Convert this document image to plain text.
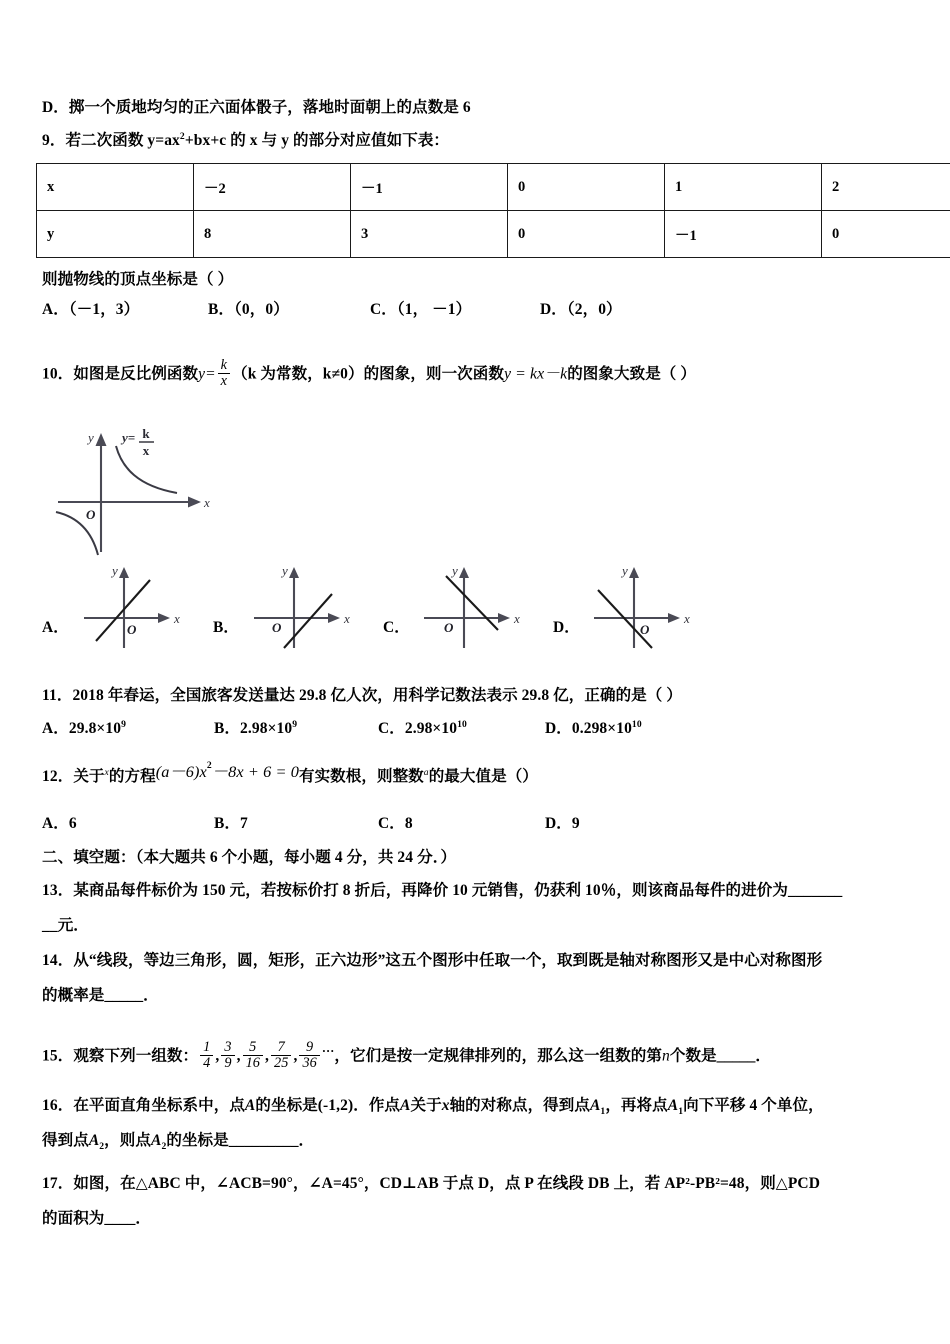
D．掷一个质地均匀的正六面体骰子，落地时面朝上的点数是 6
9．若二次函数 $y=ax^2+bx+c$ 的 x 与 y 的部分对应值如下表：
x	－2	－1	0	1	2
y	8	3	0	－1	0
则抛物线的顶点坐标是（ ）
A．（－1，3）	B．（0，0）	C．（1， －1）	D．（2，0）
10．如图是反比例函数$y= \frac{k}{x} (k$ 为常数，k≠0）的图象，则一次函数y = kx－k的图象大致是（ ）
x
y
O
y= k
x
A．
x
y
O	B．
x
y
O	C．
x
y
O	D．
x
y
O
11．2018 年春运，全国旅客发送量达 29.8 亿人次，用科学记数法表示 29.8 亿，正确的是（ ）
A．$29.8\times 10^9$	B．$2.98\times 10^9$	C．$2.98\times 10^{10}$	D．$0.298\times 10^{10}$
12．关于$^x$的方程$(a-6)x^2-8x + 6 = 0$有实数根，则整数$^a$的最大值是（）
A．6	B．7	C．8	D．9
二、填空题：（本大题共 6 个小题，每小题 4 分，共 24 分．）
13．某商品每件标价为 150 元，若按标价打 8 折后，再降价 10 元销售，仍获利 10％，则该商品每件的进价为_______
__元．
14．从“线段，等边三角形，圆，矩形，正六边形”这五个图形中任取一个，取到既是轴对称图形又是中心对称图形
的概率是_____．
15．观察下列一组数： $\frac{1}{4}$ , $\frac{3}{9}$ , $\frac{5}{16}$ , $\frac{7}{25}$ , $\frac{9}{36} ^\dots$，它们是按一定规律排列的，那么这一组数的第n个数是_____．
16．在平面直角坐标系中，点A的坐标是(-1,2)．作点A关于x轴的对称点，得到点$A_1$，再将点$A_1$向下平移 4 个单位，
得到点$A_2$，则点$A_2$的坐标是_________．
17．如图，在△ABC 中，∠ACB=90°，∠A=45°，CD⊥AB 于点 D，点 P 在线段 DB 上，若 AP²-PB²=48，则△PCD
的面积为____．
